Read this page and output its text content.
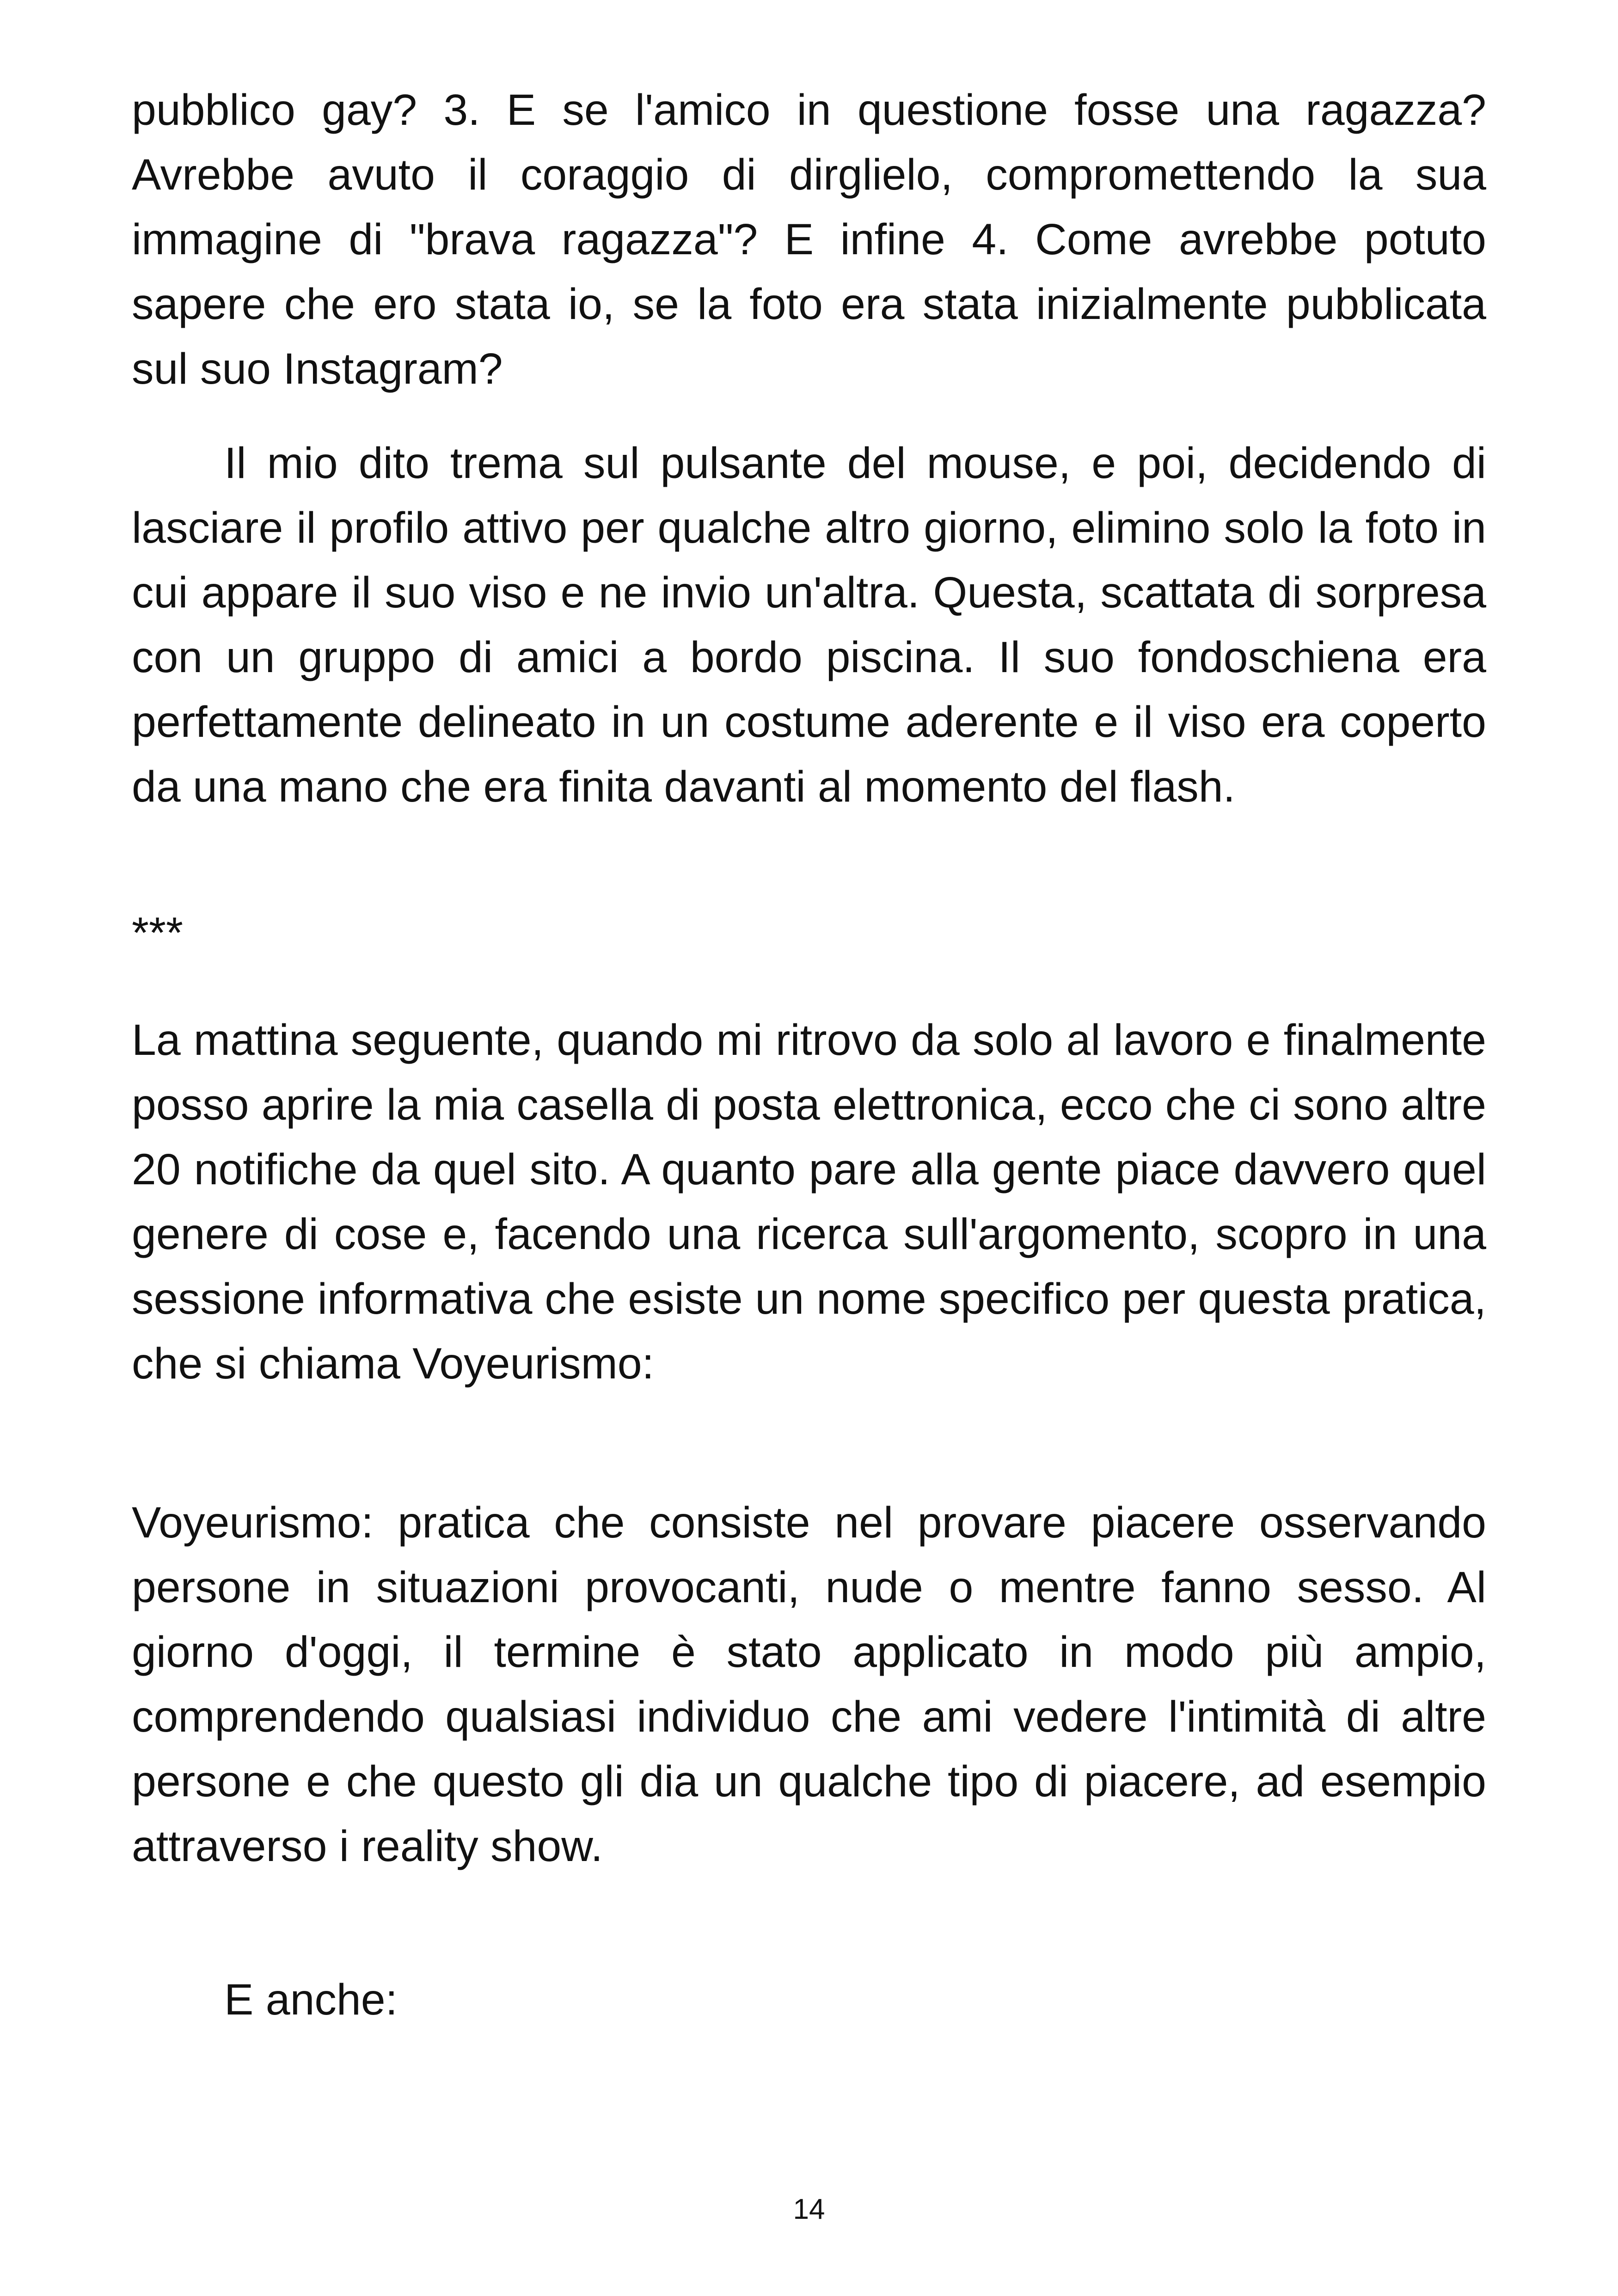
pubblico gay? 3. E se l'amico in questione fosse una ragazza? Avrebbe avuto il coraggio di dirglielo, compromettendo la sua immagine di "brava ragazza"? E infine 4. Come avrebbe potuto sapere che ero stata io, se la foto era stata inizialmente pubblicata sul suo Instagram?

Il mio dito trema sul pulsante del mouse, e poi, decidendo di lasciare il profilo attivo per qualche altro giorno, elimino solo la foto in cui appare il suo viso e ne invio un'altra. Questa, scattata di sorpresa con un gruppo di amici a bordo piscina. Il suo fondoschiena era perfettamente delineato in un costume aderente e il viso era coperto da una mano che era finita davanti al momento del flash.

***

La mattina seguente, quando mi ritrovo da solo al lavoro e finalmente posso aprire la mia casella di posta elettronica, ecco che ci sono altre 20 notifiche da quel sito. A quanto pare alla gente piace davvero quel genere di cose e, facendo una ricerca sull'argomento, scopro in una sessione informativa che esiste un nome specifico per questa pratica, che si chiama Voyeurismo:

Voyeurismo: pratica che consiste nel provare piacere osservando persone in situazioni provocanti, nude o mentre fanno sesso. Al giorno d'oggi, il termine è stato applicato in modo più ampio, comprendendo qualsiasi individuo che ami vedere l'intimità di altre persone e che questo gli dia un qualche tipo di piacere, ad esempio attraverso i reality show.

E anche:

14
